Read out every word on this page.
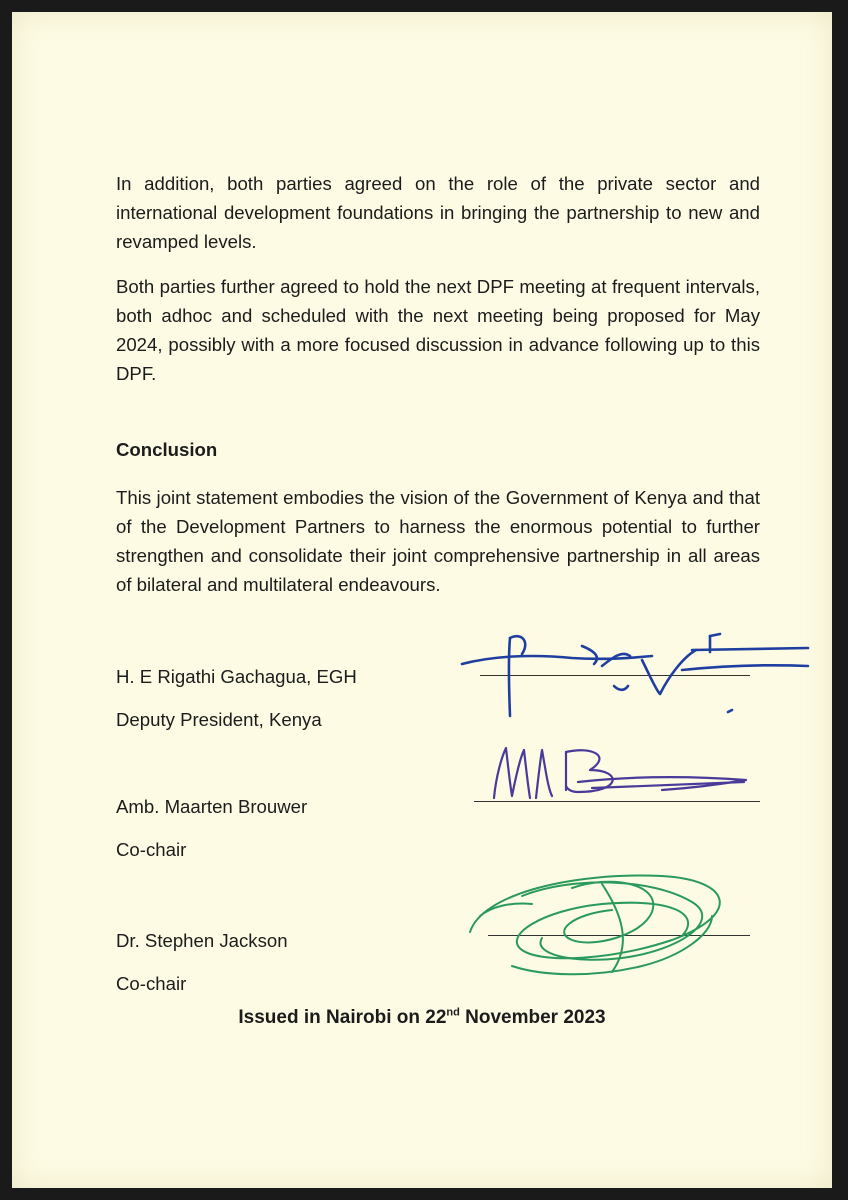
In addition, both parties agreed on the role of the private sector and international development foundations in bringing the partnership to new and revamped levels.

Both parties further agreed to hold the next DPF meeting at frequent intervals, both adhoc and scheduled with the next meeting being proposed for May 2024, possibly with a more focused discussion in advance following up to this DPF.

Conclusion

This joint statement embodies the vision of the Government of Kenya and that of the Development Partners to harness the enormous potential to further strengthen and consolidate their joint comprehensive partnership in all areas of bilateral and multilateral endeavours.

H. E Rigathi Gachagua, EGH

Deputy President, Kenya

Amb. Maarten Brouwer

Co-chair

Dr. Stephen Jackson

Co-chair

Issued in Nairobi on 22nd November 2023
